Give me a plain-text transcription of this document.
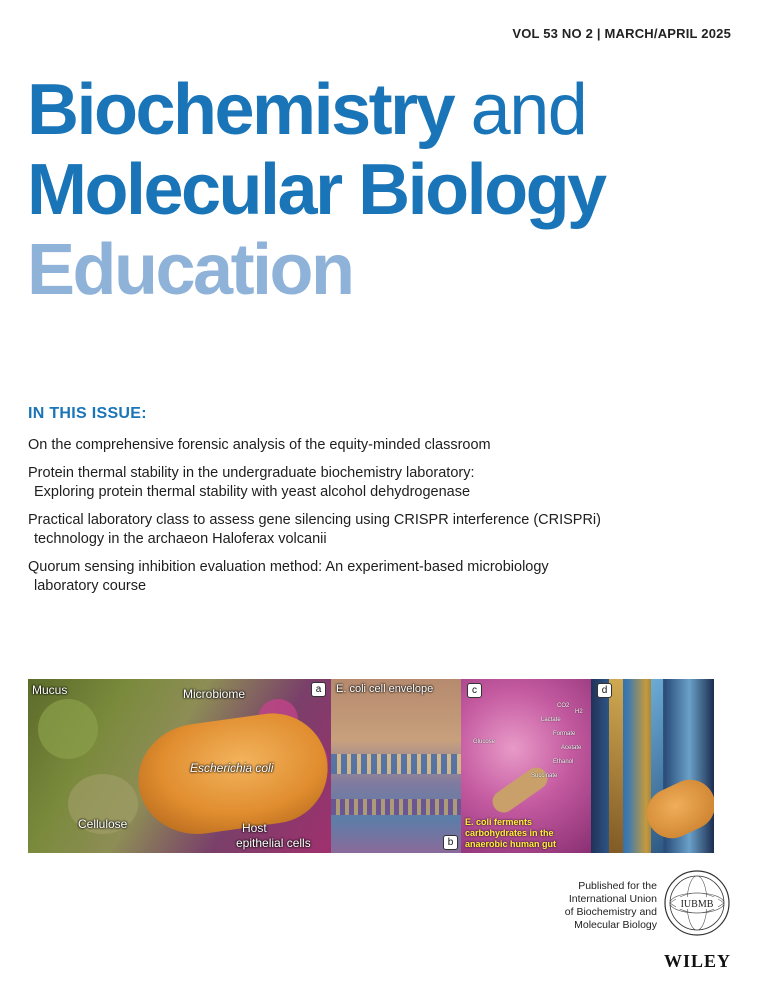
VOL 53 NO 2 | MARCH/APRIL 2025
Biochemistry and
Molecular Biology
Education
IN THIS ISSUE:

On the comprehensive forensic analysis of the equity-minded classroom

Protein thermal stability in the undergraduate biochemistry laboratory:
Exploring protein thermal stability with yeast alcohol dehydrogenase

Practical laboratory class to assess gene silencing using CRISPR interference (CRISPRi)
technology in the archaeon Haloferax volcanii

Quorum sensing inhibition evaluation method: An experiment-based microbiology
laboratory course

Mucus	Microbiome
Escherichia coli
Cellulose	Host
epithelial cells
a	E. coli cell envelope
b
Glucose
Lactate
Formate
Acetate
Ethanol
Succinate
CO2
H2
E. coli ferments
carbohydrates in the
anaerobic human gut
c	d
Published for the
International Union
of Biochemistry and
Molecular Biology
IUBMB
WILEY
